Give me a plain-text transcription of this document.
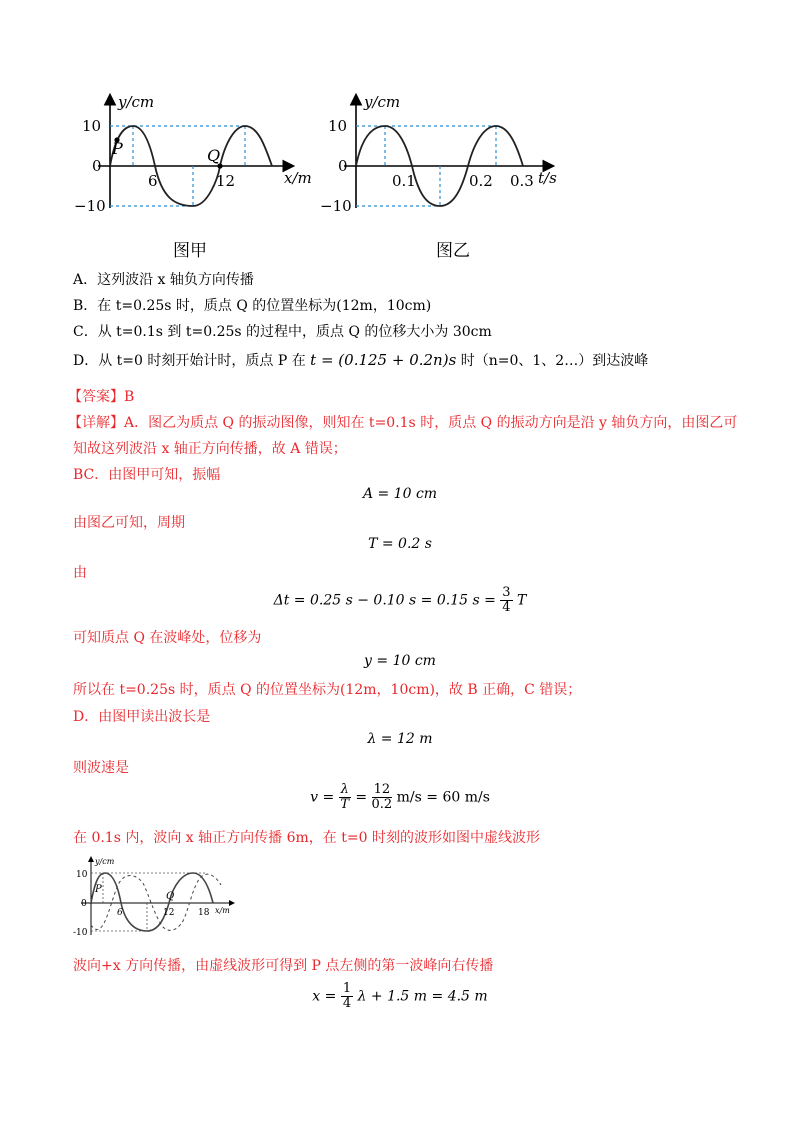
10
0
−10
6	12
y/cm
x/m
P	Q
图甲
10
0
−10
0.1	0.2 0.3
y/cm
t/s
图乙
A．这列波沿 x 轴负方向传播
B．在 t=0.25s 时，质点 Q 的位置坐标为(12m，10cm)
C．从 t=0.1s 到 t=0.25s 的过程中，质点 Q 的位移大小为 30cm
D．从 t=0 时刻开始计时，质点 P 在 t = (0.125 + 0.2n)s 时（n=0、1、2…）到达波峰
【答案】B
【详解】A．图乙为质点 Q 的振动图像，则知在 t=0.1s 时，质点 Q 的振动方向是沿 y 轴负方向，由图乙可
知故这列波沿 x 轴正方向传播，故 A 错误；
BC．由图甲可知，振幅
A = 10 cm
由图乙可知，周期
T = 0.2 s
由
Δt = 0.25 s − 0.10 s = 0.15 $s = \frac{3}{4}$ T
可知质点 Q 在波峰处，位移为
y = 10 cm
所以在 t=0.25s 时，质点 Q 的位置坐标为(12m，10cm)，故 B 正确，C 错误；
D．由图甲读出波长是
λ = 12 m
则波速是
$v = \frac{\lambda}{T} = \frac{12}{0.2} m/s = 60$ m/s
在 0.1s 内，波向 x 轴正方向传播 6m，在 t=0 时刻的波形如图中虚线波形
10
0
-10
6	12	18
y/cm
x/m
P
Q
波向+x 方向传播，由虚线波形可得到 P 点左侧的第一波峰向右传播
$x = \frac{1}{4}$ λ + 1.5 m = 4.5 m
